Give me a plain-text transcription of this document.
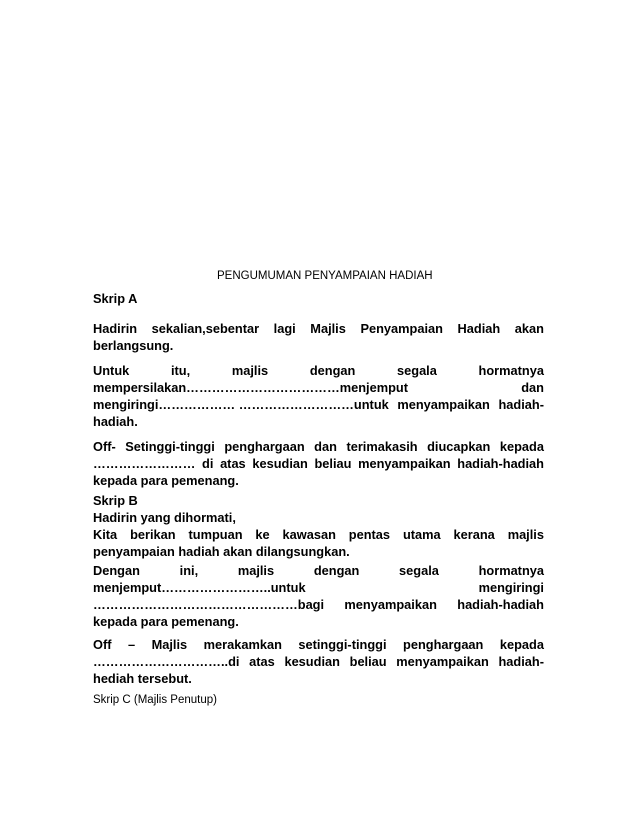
PENGUMUMAN PENYAMPAIAN HADIAH
Skrip A
Hadirin sekalian,sebentar lagi Majlis Penyampaian Hadiah akan
berlangsung.
Untuk	itu,	majlis	dengan	segala	hormatnya
mempersilakan………………………………menjemput	dan
mengiringi……………… ………………………untuk menyampaikan hadiah-
hadiah.
Off- Setinggi-tinggi penghargaan dan terimakasih diucapkan kepada
…………………… di atas kesudian beliau menyampaikan hadiah-hadiah
kepada para pemenang.
Skrip B
Hadirin yang dihormati,
Kita berikan tumpuan ke kawasan pentas utama kerana majlis
penyampaian hadiah akan dilangsungkan.
Dengan	ini,	majlis	dengan	segala	hormatnya
menjemput……………………..untuk	mengiringi
…………………………………………bagi menyampaikan hadiah-hadiah
kepada para pemenang.
Off – Majlis merakamkan setinggi-tinggi penghargaan kepada
…………………………..di atas kesudian beliau menyampaikan hadiah-
hediah tersebut.
Skrip C (Majlis Penutup)
